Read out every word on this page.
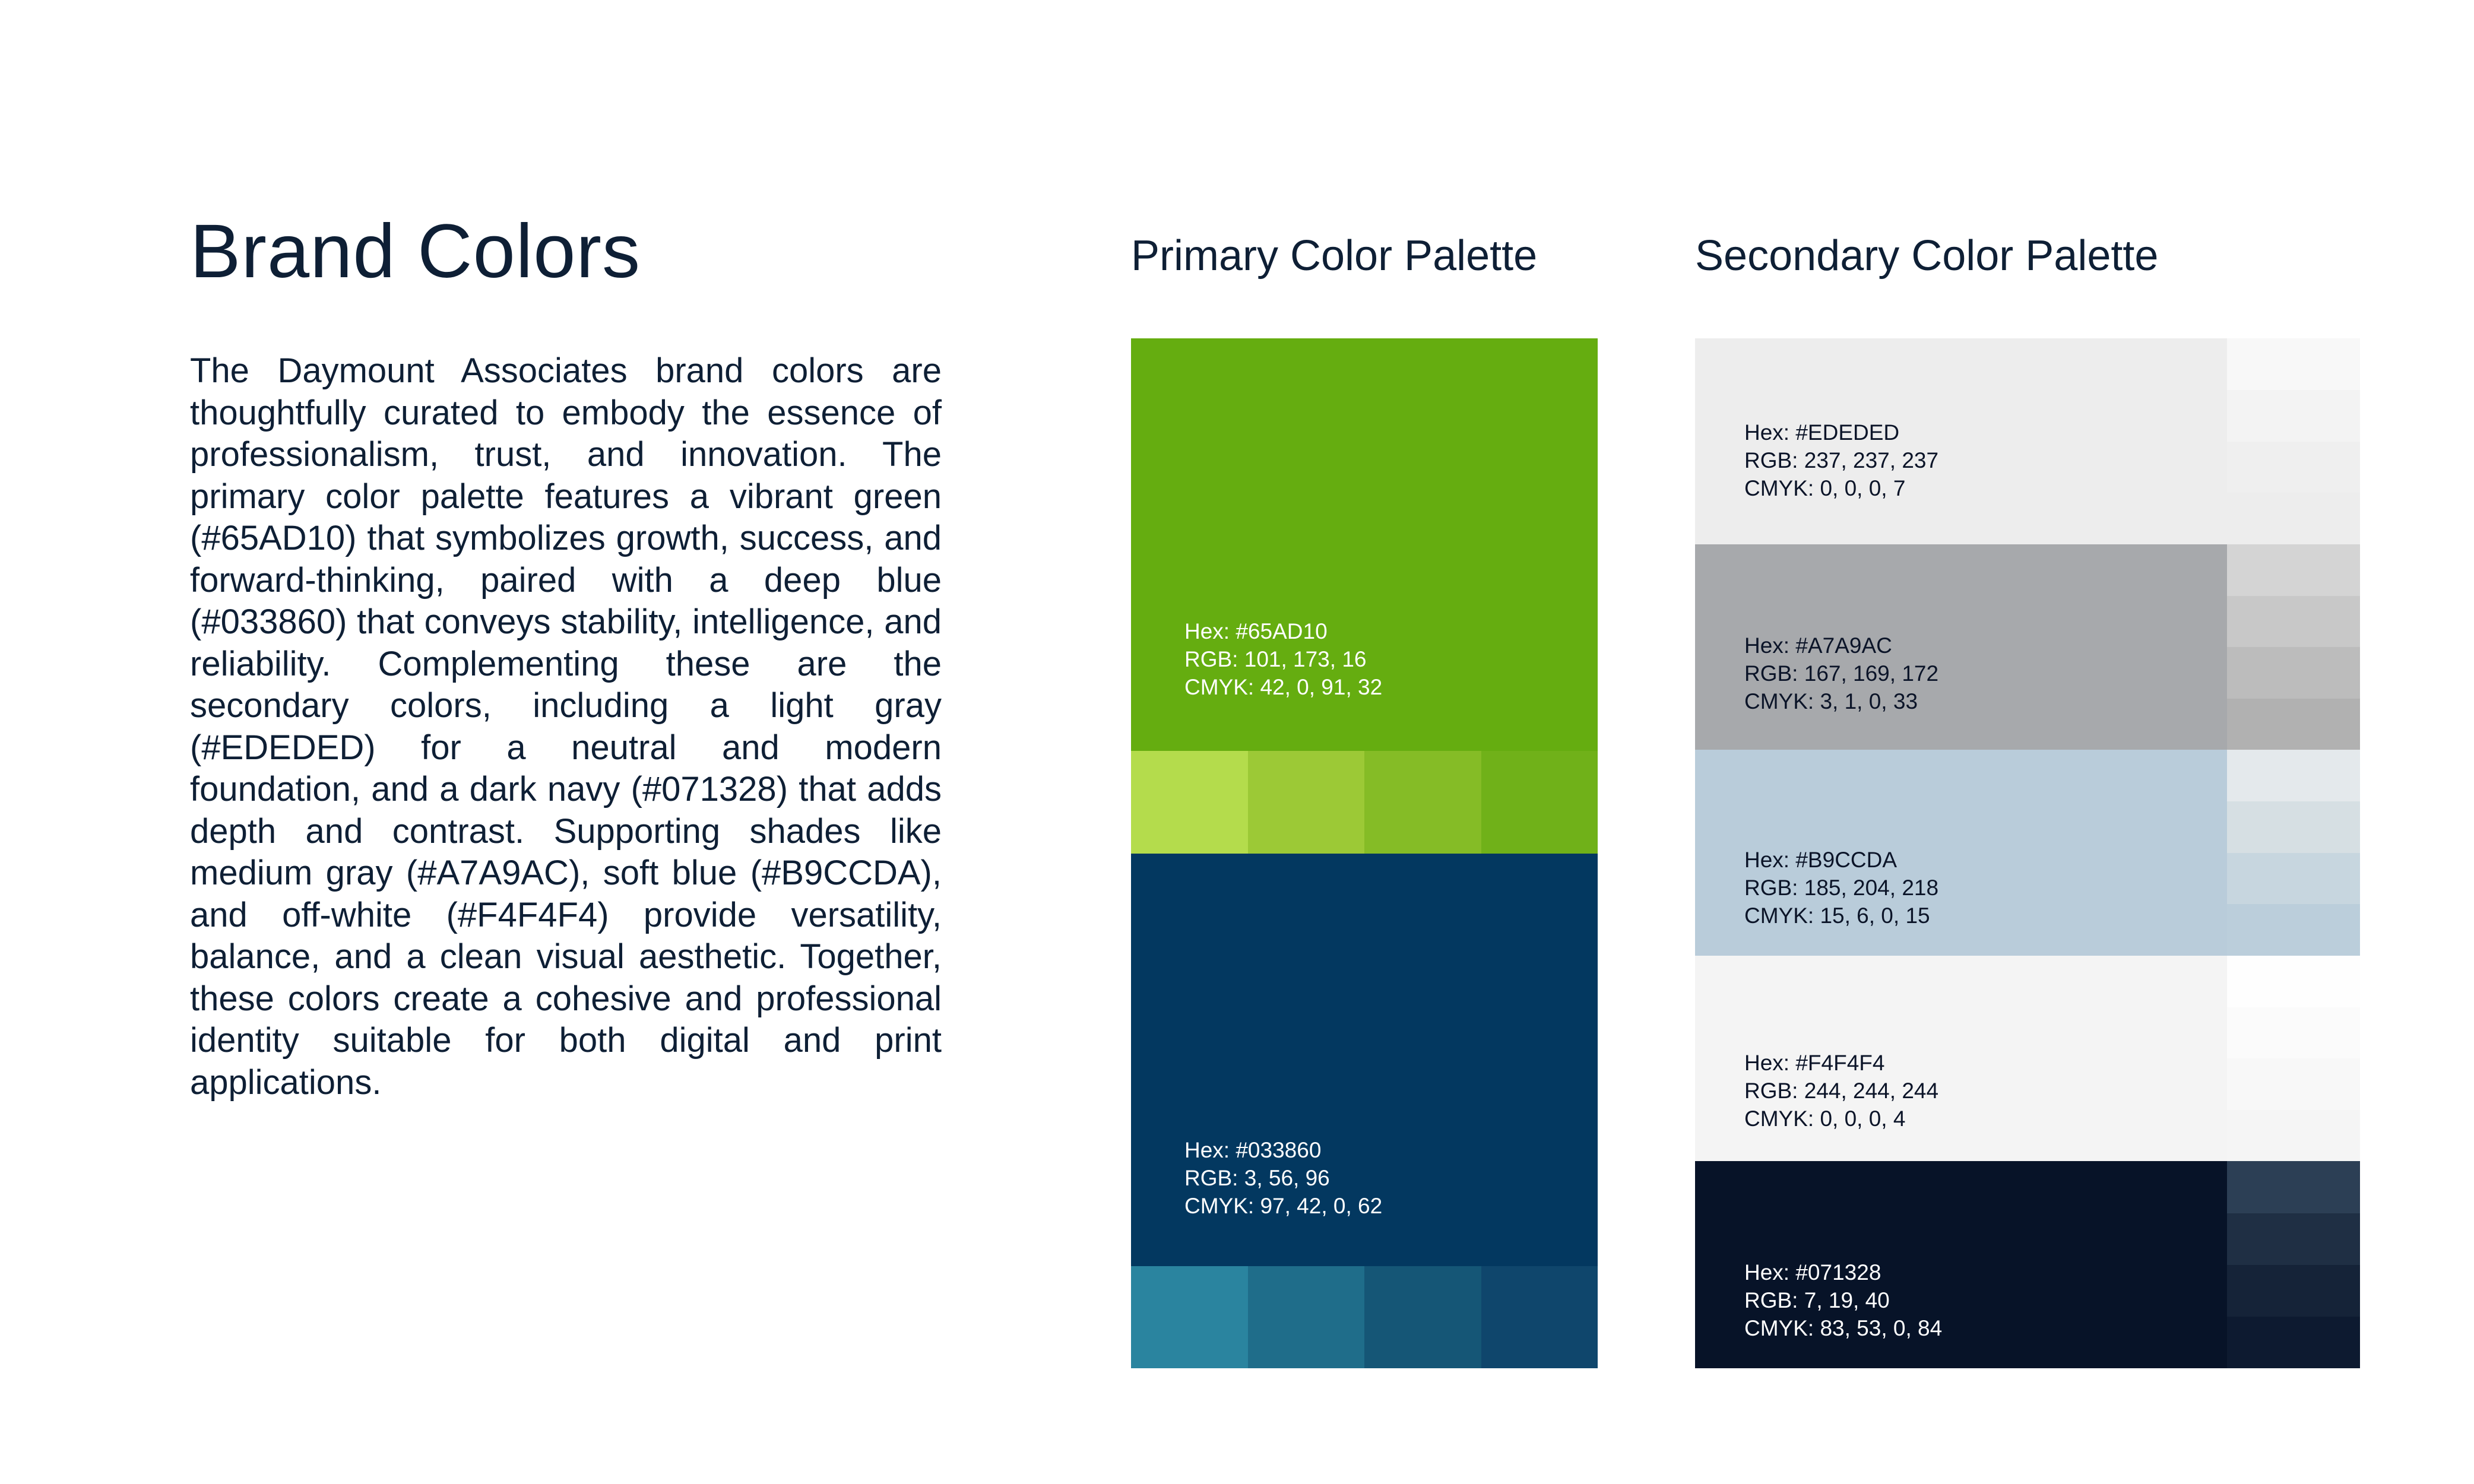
Brand Colors

The Daymount Associates brand colors are thoughtfully curated to embody the essence of professionalism, trust, and innovation. The primary color palette features a vibrant green (#65AD10) that symbolizes growth, success, and forward-thinking, paired with a deep blue (#033860) that conveys stability, intelligence, and reliability. Complementing these are the secondary colors, including a light gray (#EDEDED) for a neutral and modern foundation, and a dark navy (#071328) that adds depth and contrast. Supporting shades like medium gray (#A7A9AC), soft blue (#B9CCDA), and off-white (#F4F4F4) provide versatility, balance, and a clean visual aesthetic. Together, these colors create a cohesive and professional identity suitable for both digital and print applications.

Primary Color Palette	Secondary Color Palette
Hex: #65AD10
RGB: 101, 173, 16
CMYK: 42, 0, 91, 32
Hex: #033860
RGB: 3, 56, 96
CMYK: 97, 42, 0, 62
Hex: #EDEDED
RGB: 237, 237, 237
CMYK: 0, 0, 0, 7
Hex: #A7A9AC
RGB: 167, 169, 172
CMYK: 3, 1, 0, 33
Hex: #B9CCDA
RGB: 185, 204, 218
CMYK: 15, 6, 0, 15
Hex: #F4F4F4
RGB: 244, 244, 244
CMYK: 0, 0, 0, 4
Hex: #071328
RGB: 7, 19, 40
CMYK: 83, 53, 0, 84
